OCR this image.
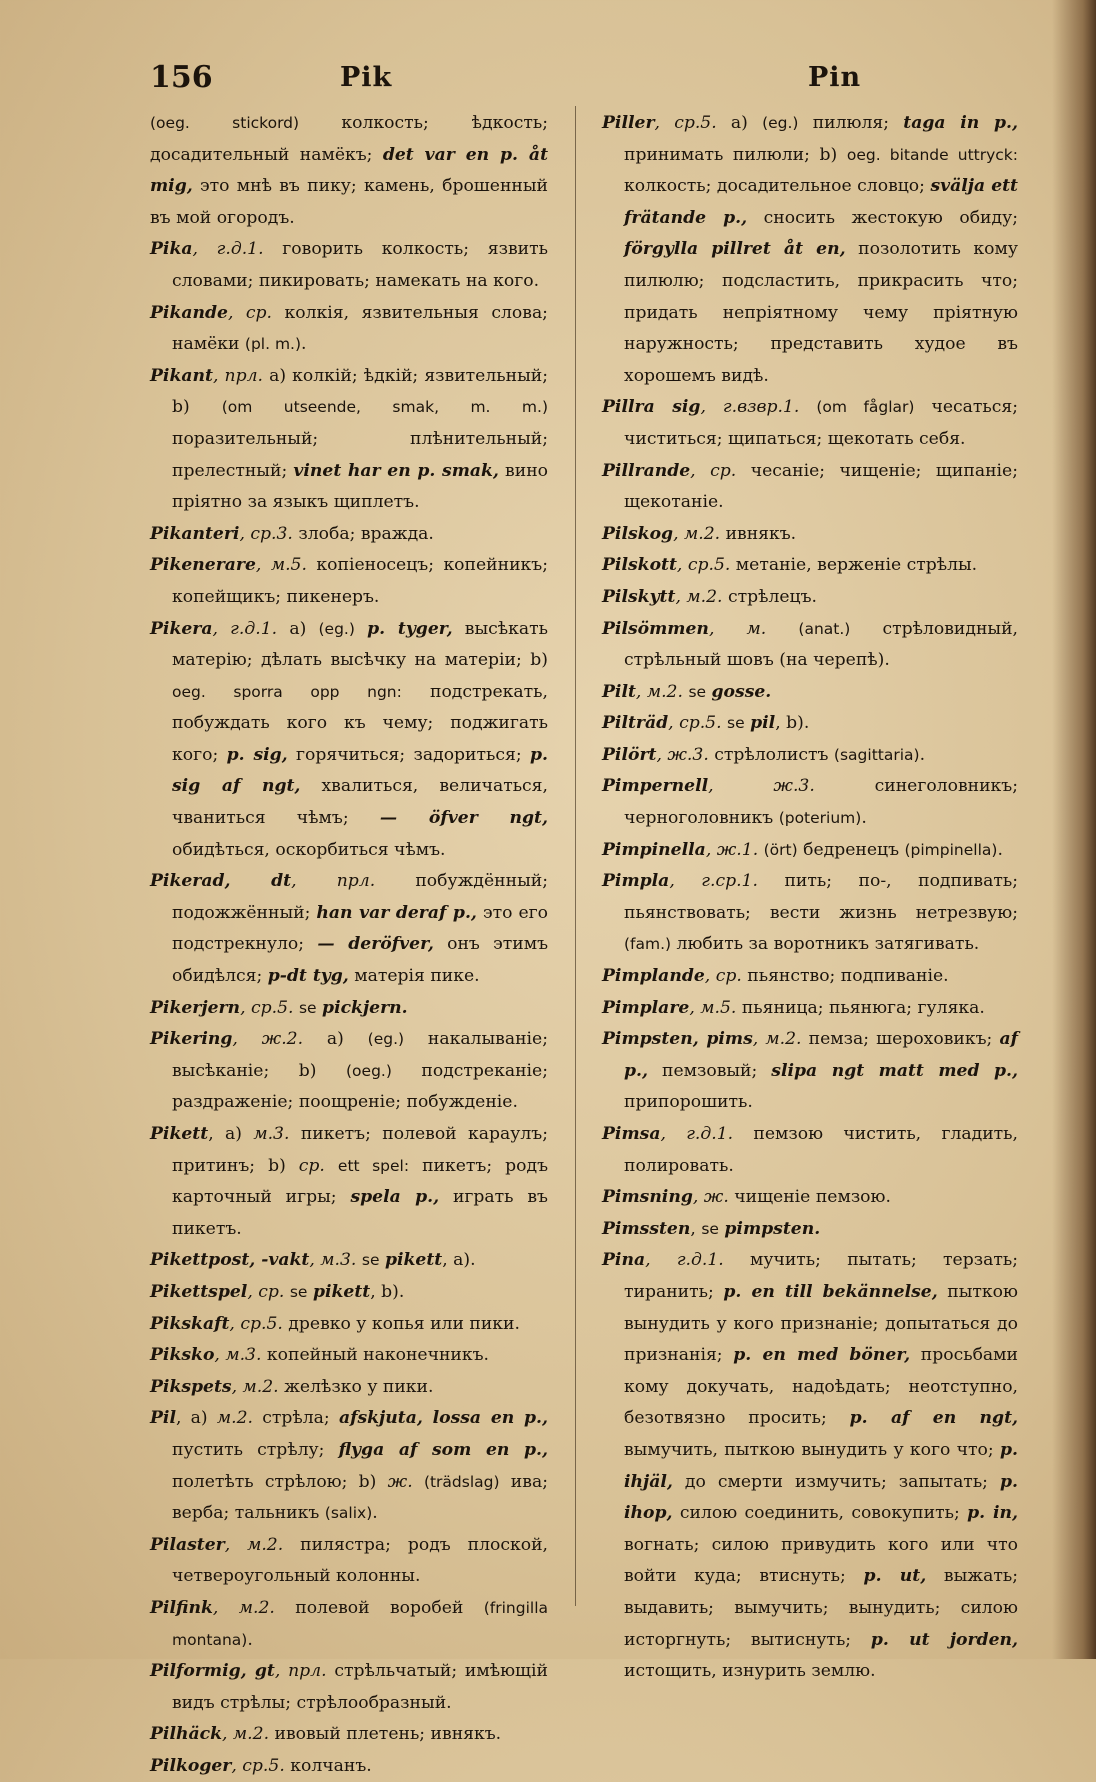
156	Pik	Pin

(oeg. stickord) колкость; ѣдкость; досадительный намёкъ; det var en p. åt mig, это мнѣ въ пику; камень, брошенный въ мой огородъ.

Pika, г.д.1. говорить колкость; язвить словами; пикировать; намекать на кого.

Pikande, ср. колкія, язвительныя слова; намёки (pl. m.).

Pikant, прл. a) колкій; ѣдкій; язвительный; b) (om utseende, smak, m. m.) поразительный; плѣнительный; прелестный; vinet har en p. smak, вино пріятно за языкъ щиплетъ.

Pikanteri, ср.3. злоба; вражда.

Pikenerare, м.5. копіеносецъ; копейникъ; копейщикъ; пикенеръ.

Pikera, г.д.1. a) (eg.) p. tyger, высѣкать матерію; дѣлать высѣчку на матеріи; b) oeg. sporra opp ngn: подстрекать, побуждать кого къ чему; поджигать кого; p. sig, горячиться; задориться; p. sig af ngt, хвалиться, величаться, чваниться чѣмъ; — öfver ngt, обидѣться, оскорбиться чѣмъ.

Pikerad, dt, прл. побуждённый; подожжённый; han var deraf p., это его подстрекнуло; — deröfver, онъ этимъ обидѣлся; p-dt tyg, матерія пике.

Pikerjern, ср.5. se pickjern.

Pikering, ж.2. a) (eg.) накалываніе; высѣканіе; b) (oeg.) подстреканіе; раздраженіе; поощреніе; побужденіе.

Pikett, a) м.3. пикетъ; полевой караулъ; притинъ; b) ср. ett spel: пикетъ; родъ карточный игры; spela p., играть въ пикетъ.

Pikettpost, -vakt, м.3. se pikett, a).

Pikettspel, ср. se pikett, b).

Pikskaft, ср.5. древко у копья или пики.

Piksko, м.3. копейный наконечникъ.

Pikspets, м.2. желѣзко у пики.

Pil, a) м.2. стрѣла; afskjuta, lossa en p., пустить стрѣлу; flyga af som en p., полетѣть стрѣлою; b) ж. (trädslag) ива; верба; тальникъ (salix).

Pilaster, м.2. пилястра; родъ плоской, четвероугольный колонны.

Pilfink, м.2. полевой воробей (fringilla montana).

Pilformig, gt, прл. стрѣльчатый; имѣющій видъ стрѣлы; стрѣлообразный.

Pilhäck, м.2. ивовый плетень; ивнякъ.

Pilkoger, ср.5. колчанъ.

Piller, ср.5. a) (eg.) пилюля; taga in p., принимать пилюли; b) oeg. bitande uttryck: колкость; досадительное словцо; svälja ett frätande p., сносить жестокую обиду; förgylla pillret åt en, позолотить кому пилюлю; подсластить, прикрасить что; придать непріятному чему пріятную наружность; представить худое въ хорошемъ видѣ.

Pillra sig, г.взвр.1. (om fåglar) чесаться; чиститься; щипаться; щекотать себя.

Pillrande, ср. чесаніе; чищеніе; щипаніе; щекотаніе.

Pilskog, м.2. ивнякъ.

Pilskott, ср.5. метаніе, верженіе стрѣлы.

Pilskytt, м.2. стрѣлецъ.

Pilsömmen, м. (anat.) стрѣловидный, стрѣльный шовъ (на черепѣ).

Pilt, м.2. se gosse.

Pilträd, ср.5. se pil, b).

Pilört, ж.3. стрѣлолистъ (sagittaria).

Pimpernell, ж.3. синеголовникъ; черноголовникъ (poterium).

Pimpinella, ж.1. (ört) бедренецъ (pimpinella).

Pimpla, г.ср.1. пить; по-, подпивать; пьянствовать; вести жизнь нетрезвую; (fam.) любить за воротникъ затягивать.

Pimplande, ср. пьянство; подпиваніе.

Pimplare, м.5. пьяница; пьянюга; гуляка.

Pimpsten, pims, м.2. пемза; шероховикъ; af p., пемзовый; slipa ngt matt med p., припорошить.

Pimsa, г.д.1. пемзою чистить, гладить, полировать.

Pimsning, ж. чищеніе пемзою.

Pimssten, se pimpsten.

Pina, г.д.1. мучить; пытать; терзать; тиранить; p. en till bekännelse, пыткою вынудить у кого признаніе; допытаться до признанія; p. en med böner, просьбами кому докучать, надоѣдать; неотступно, безотвязно просить; p. af en ngt, вымучить, пыткою вынудить у кого что; p. ihjäl, до смерти измучить; запытать; p. ihop, силою соединить, совокупить; p. in, вогнать; силою привудить кого или что войти куда; втиснуть; p. ut, выжать; выдавить; вымучить; вынудить; силою исторгнуть; вытиснуть; p. ut jorden, истощить, изнурить землю.
